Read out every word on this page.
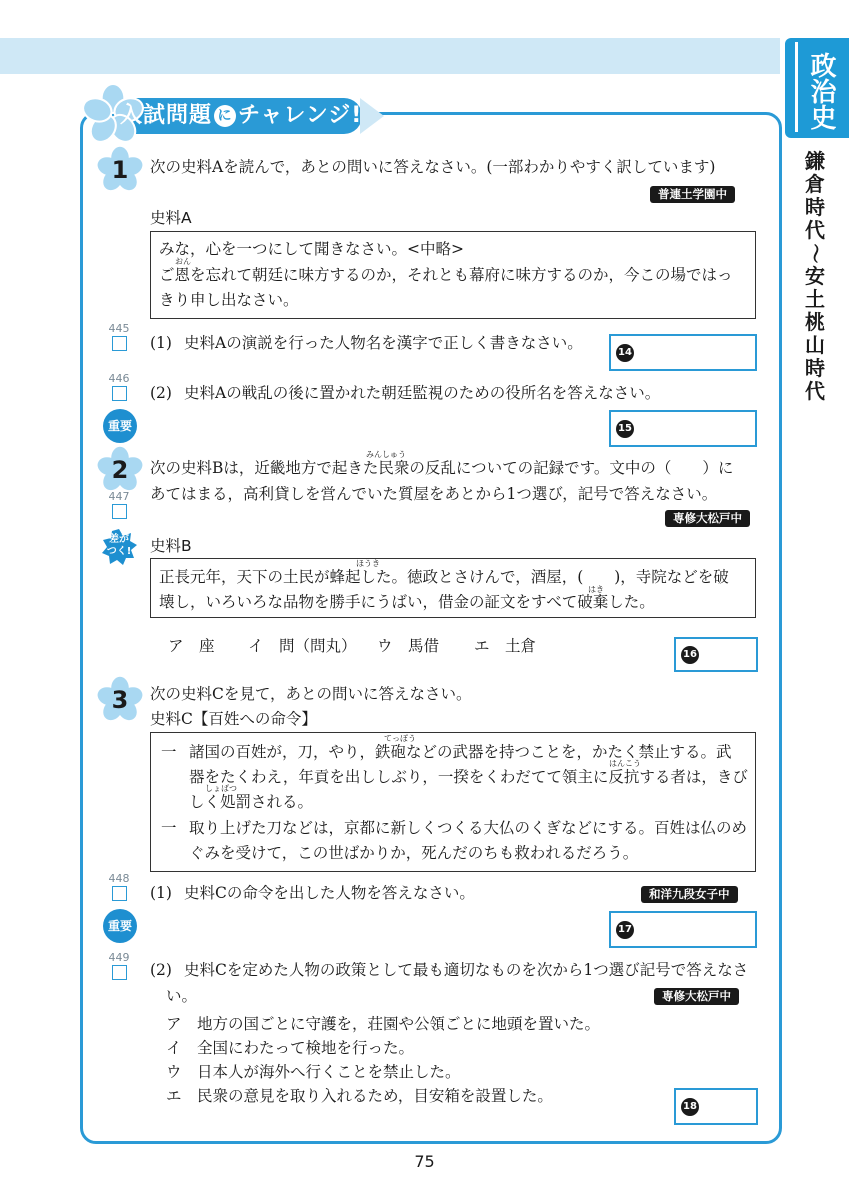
政治史
鎌
倉
時
代
～
安
土
桃
山
時
代
入試問題 に チャレンジ!
1	次の史料Aを読んで，あとの問いに答えなさい。(一部わかりやすく訳しています)
普連土学園中
史料A
みな，心を一つにして聞きなさい。<中略>
おん
ご恩を忘れて朝廷に味方するのか，それとも幕府に味方するのか，今この場ではっ
きり申し出なさい。
445
(1) 史料Aの演説を行った人物名を漢字で正しく書きなさい。	14
446
(2) 史料Aの戦乱の後に置かれた朝廷監視のための役所名を答えなさい。
重要	15
2
みんしゅう
次の史料Bは，近畿地方で起きた民衆の反乱についての記録です。文中の（　　）に
あてはまる，高利貸しを営んでいた質屋をあとから1つ選び，記号で答えなさい。
447
専修大松戸中
差が
つく!	史料B
ほうき
正長元年，天下の土民が蜂起した。徳政とさけんで，酒屋，(　　)，寺院などを破
はき
壊し，いろいろな品物を勝手にうばい，借金の証文をすべて破棄した。
ア　座 イ　問（問丸） ウ　馬借 エ　土倉	16
3	次の史料Cを見て，あとの問いに答えなさい。
史料C【百姓への命令】
てっぽう
一 諸国の百姓が，刀，やり，鉄砲などの武器を持つことを，かたく禁止する。武
はんこう
器をたくわえ，年貢を出ししぶり，一揆をくわだてて領主に反抗する者は，きび
しょばつ
しく処罰される。
一 取り上げた刀などは，京都に新しくつくる大仏のくぎなどにする。百姓は仏のめ
ぐみを受けて，この世ばかりか，死んだのちも救われるだろう。
448
(1) 史料Cの命令を出した人物を答えなさい。	和洋九段女子中
重要	17
449
(2) 史料Cを定めた人物の政策として最も適切なものを次から1つ選び記号で答えなさ
い。	専修大松戸中
ア　地方の国ごとに守護を，荘園や公領ごとに地頭を置いた。
イ　全国にわたって検地を行った。
ウ　日本人が海外へ行くことを禁止した。
エ　民衆の意見を取り入れるため，目安箱を設置した。
18
75
